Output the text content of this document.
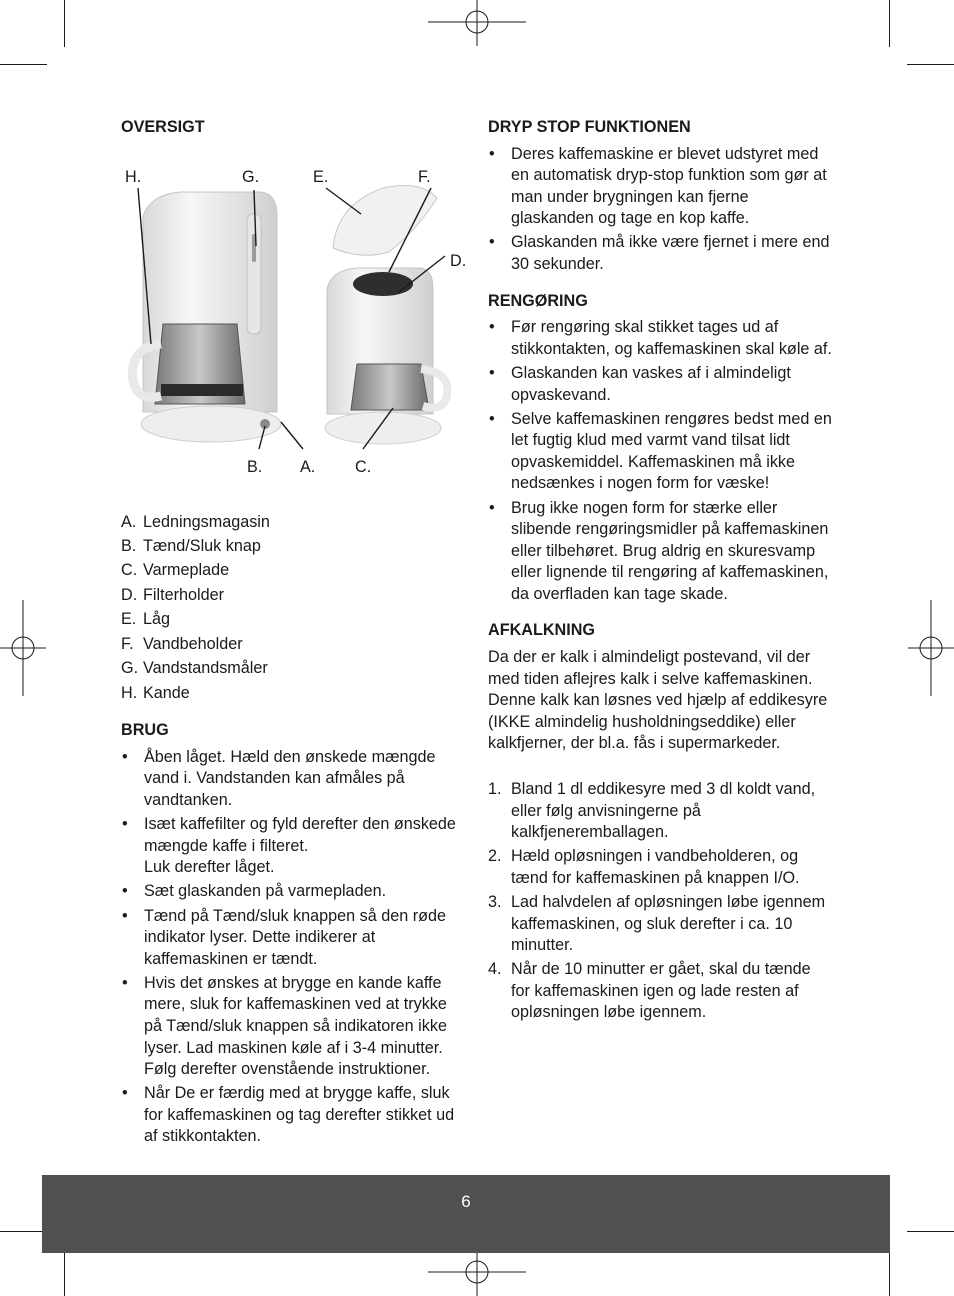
OVERSIGT
H.	G.	E.	F.
D.
B. A. C.
A. Ledningsmagasin
B. Tænd/Sluk knap
C. Varmeplade
D. Filterholder
E. Låg
F. Vandbeholder
G. Vandstandsmåler
H. Kande
BRUG
• Åben låget. Hæld den ønskede mængde vand i. Vandstanden kan afmåles på vandtanken.
• Isæt kaffefilter og fyld derefter den ønskede mængde kaffe i filteret.
Luk derefter låget.
• Sæt glaskanden på varmepladen.
• Tænd på Tænd/sluk knappen så den røde indikator lyser. Dette indikerer at kaffemaskinen er tændt.
• Hvis det ønskes at brygge en kande kaffe mere, sluk for kaffemaskinen ved at trykke på Tænd/sluk knappen så indikatoren ikke lyser. Lad maskinen køle af i 3-4 minutter. Følg derefter ovenstående instruktioner.
• Når De er færdig med at brygge kaffe, sluk for kaffemaskinen og tag derefter stikket ud af stikkontakten.
DRYP STOP FUNKTIONEN
• Deres kaffemaskine er blevet udstyret med en automatisk dryp-stop funktion som gør at man under brygningen kan fjerne glaskanden og tage en kop kaffe.
• Glaskanden må ikke være fjernet i mere end 30 sekunder.
RENGØRING
• Før rengøring skal stikket tages ud af stikkontakten, og kaffemaskinen skal køle af.
• Glaskanden kan vaskes af i almindeligt opvaskevand.
• Selve kaffemaskinen rengøres bedst med en let fugtig klud med varmt vand tilsat lidt opvaskemiddel. Kaffemaskinen må ikke nedsænkes i nogen form for væske!
• Brug ikke nogen form for stærke eller slibende rengøringsmidler på kaffemaskinen eller tilbehøret. Brug aldrig en skuresvamp eller lignende til rengøring af kaffemaskinen, da overfladen kan tage skade.
AFKALKNING

Da der er kalk i almindeligt postevand, vil der med tiden aflejres kalk i selve kaffemaskinen. Denne kalk kan løsnes ved hjælp af eddikesyre (IKKE almindelig husholdningseddike) eller kalkfjerner, der bl.a. fås i supermarkeder.

1. Bland 1 dl eddikesyre med 3 dl koldt vand, eller følg anvisningerne på kalkfjeneremballagen.
2. Hæld opløsningen i vandbeholderen, og tænd for kaffemaskinen på knappen I/O.
3. Lad halvdelen af opløsningen løbe igennem kaffemaskinen, og sluk derefter i ca. 10 minutter.
4. Når de 10 minutter er gået, skal du tænde for kaffemaskinen igen og lade resten af opløsningen løbe igennem.
6
